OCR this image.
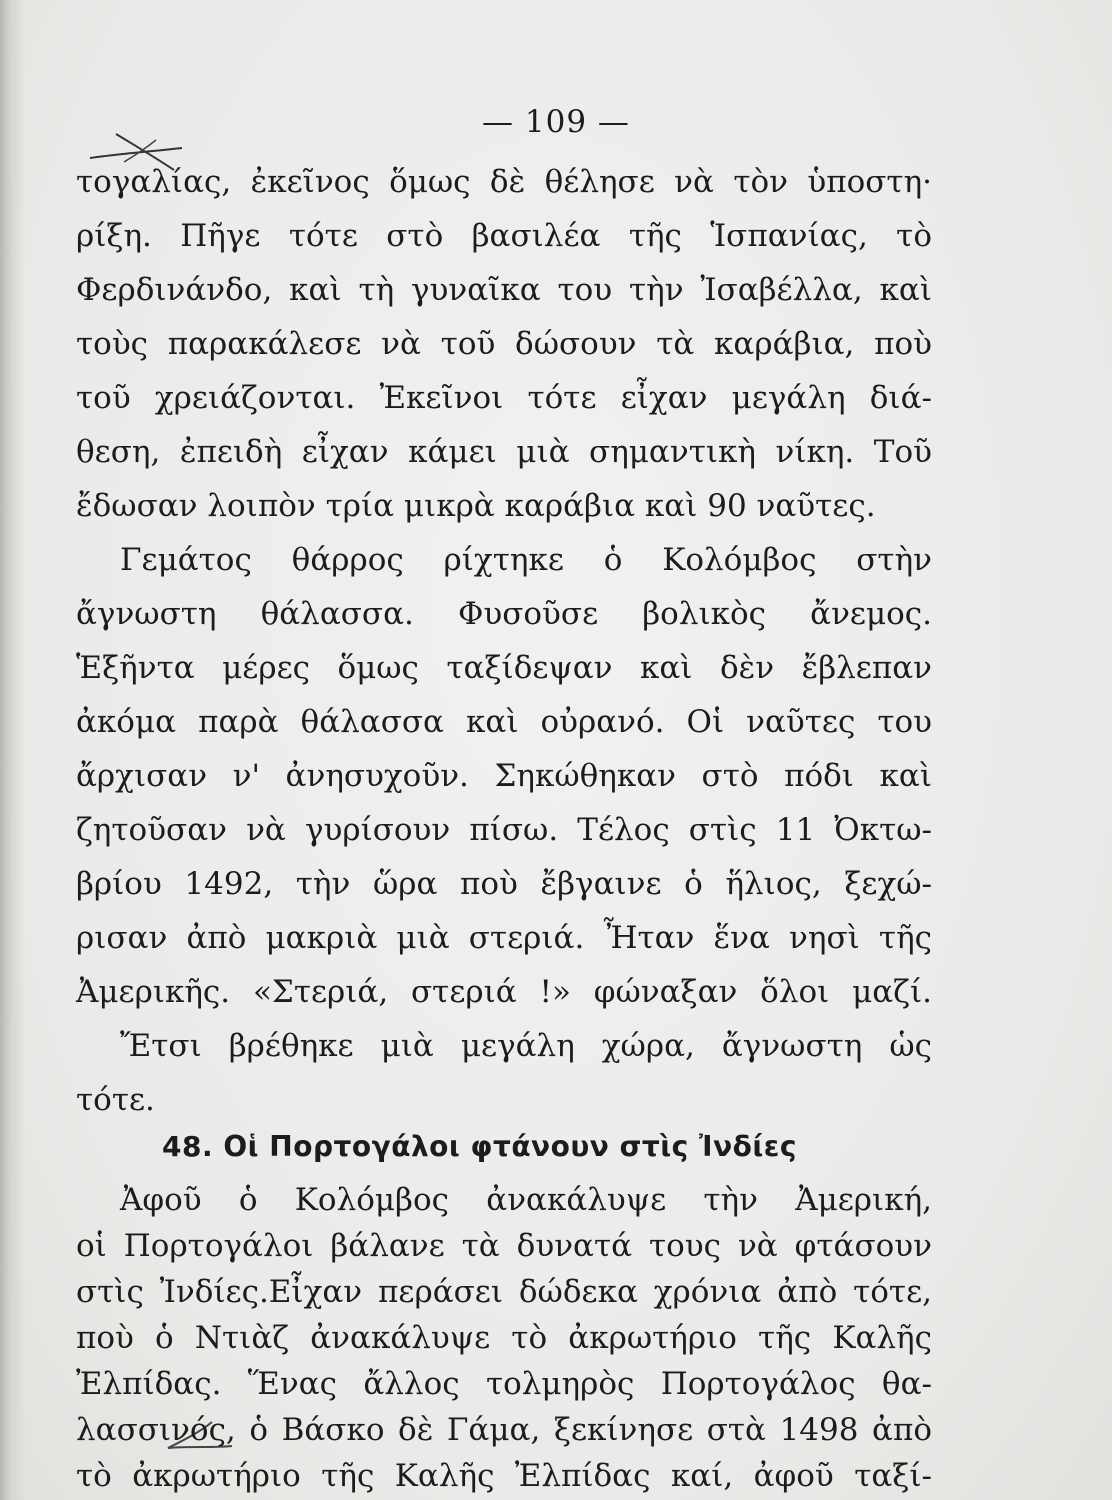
— 109 —
τογαλίας, ἐκεῖνος ὅμως δὲ θέλησε νὰ τὸν ὑποστη·
ρίξη. Πῆγε τότε στὸ βασιλέα τῆς Ἱσπανίας, τὸ
Φερδινάνδο, καὶ τὴ γυναῖκα του τὴν Ἰσαβέλλα, καὶ
τοὺς παρακάλεσε νὰ τοῦ δώσουν τὰ καράβια, ποὺ
τοῦ χρειάζονται. Ἐκεῖνοι τότε εἶχαν μεγάλη διά-
θεση, ἐπειδὴ εἶχαν κάμει μιὰ σημαντικὴ νίκη. Τοῦ
ἔδωσαν λοιπὸν τρία μικρὰ καράβια καὶ 90 ναῦτες.
Γεμάτος θάρρος ρίχτηκε ὁ Κολόμβος στὴν
ἄγνωστη θάλασσα. Φυσοῦσε βολικὸς ἄνεμος.
Ἑξῆντα μέρες ὅμως ταξίδεψαν καὶ δὲν ἔβλεπαν
ἀκόμα παρὰ θάλασσα καὶ οὐρανό. Οἱ ναῦτες του
ἄρχισαν ν' ἀνησυχοῦν. Σηκώθηκαν στὸ πόδι καὶ
ζητοῦσαν νὰ γυρίσουν πίσω. Τέλος στὶς 11 Ὀκτω-
βρίου 1492, τὴν ὥρα ποὺ ἔβγαινε ὁ ἥλιος, ξεχώ-
ρισαν ἀπὸ μακριὰ μιὰ στεριά. Ἦταν ἕνα νησὶ τῆς
Ἀμερικῆς. «Στεριά, στεριά !» φώναξαν ὅλοι μαζί.
Ἔτσι βρέθηκε μιὰ μεγάλη χώρα, ἄγνωστη ὡς
τότε.
48. Οἱ Πορτογάλοι φτάνουν στὶς Ἰνδίες
Ἀφοῦ ὁ Κολόμβος ἀνακάλυψε τὴν Ἀμερική,
οἱ Πορτογάλοι βάλανε τὰ δυνατά τους νὰ φτάσουν
στὶς Ἰνδίες.Εἶχαν περάσει δώδεκα χρόνια ἀπὸ τότε,
ποὺ ὁ Ντιὰζ ἀνακάλυψε τὸ ἀκρωτήριο τῆς Καλῆς
Ἐλπίδας. Ἕνας ἄλλος τολμηρὸς Πορτογάλος θα-
λασσινός, ὁ Βάσκο δὲ Γάμα, ξεκίνησε στὰ 1498 ἀπὸ
τὸ ἀκρωτήριο τῆς Καλῆς Ἐλπίδας καί, ἀφοῦ ταξί-
